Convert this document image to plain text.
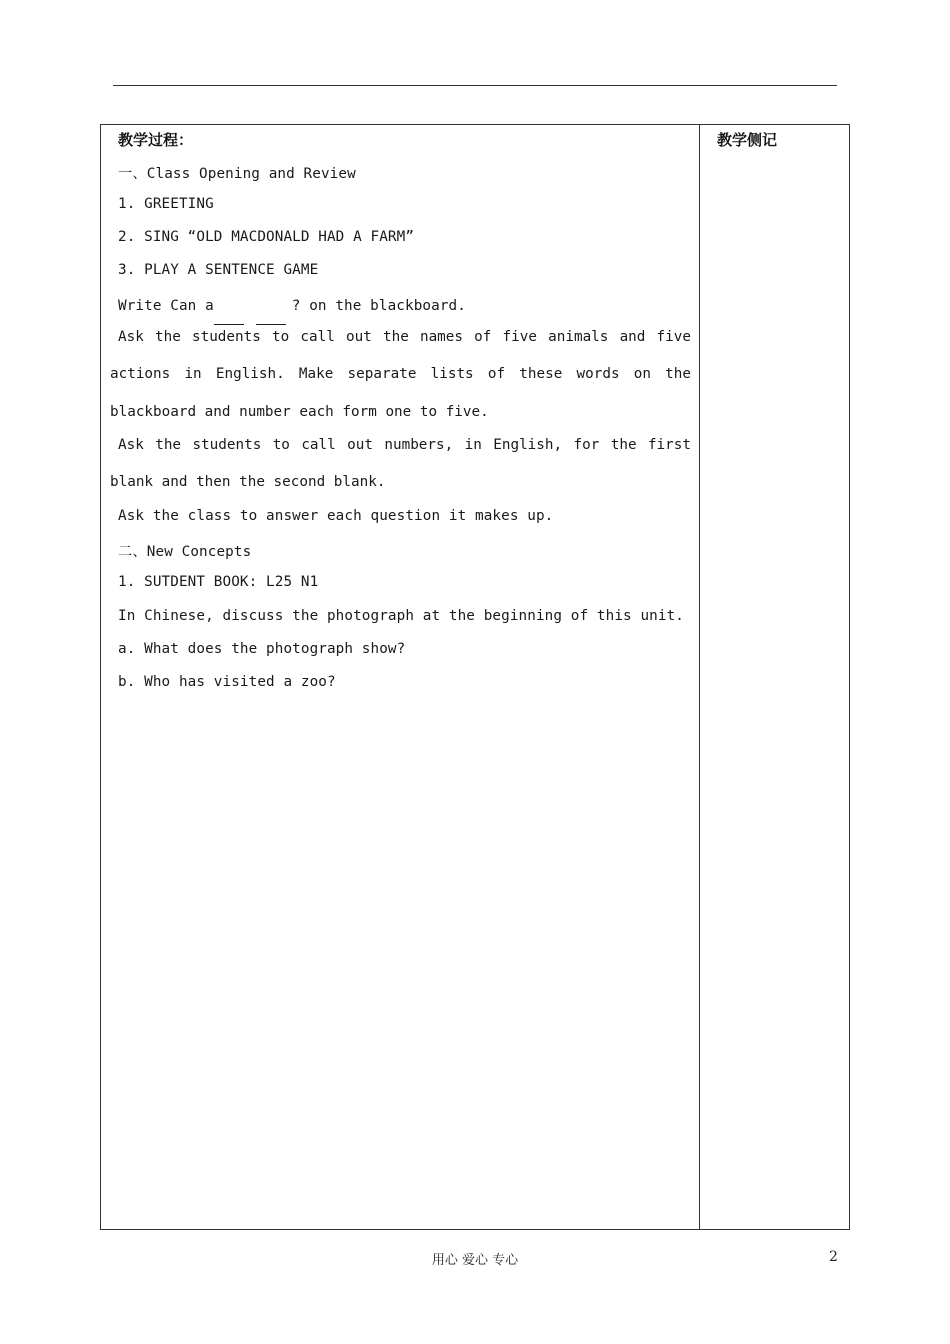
教学过程：
一、Class Opening and Review
1. GREETING
2. SING “OLD MACDONALD HAD A FARM”
3. PLAY A SENTENCE GAME
Write Can a	? on the blackboard.
Ask the students to call out the names of five animals and five
actions in English. Make separate lists of these words on the
blackboard and number each form one to five.
Ask the students to call out numbers, in English, for the first
blank and then the second blank.
Ask the class to answer each question it makes up.
二、New Concepts
1. SUTDENT BOOK: L25 N1
In Chinese, discuss the photograph at the beginning of this unit.
a. What does the photograph show?
b. Who has visited a zoo?
教学侧记
用心 爱心 专心	2
